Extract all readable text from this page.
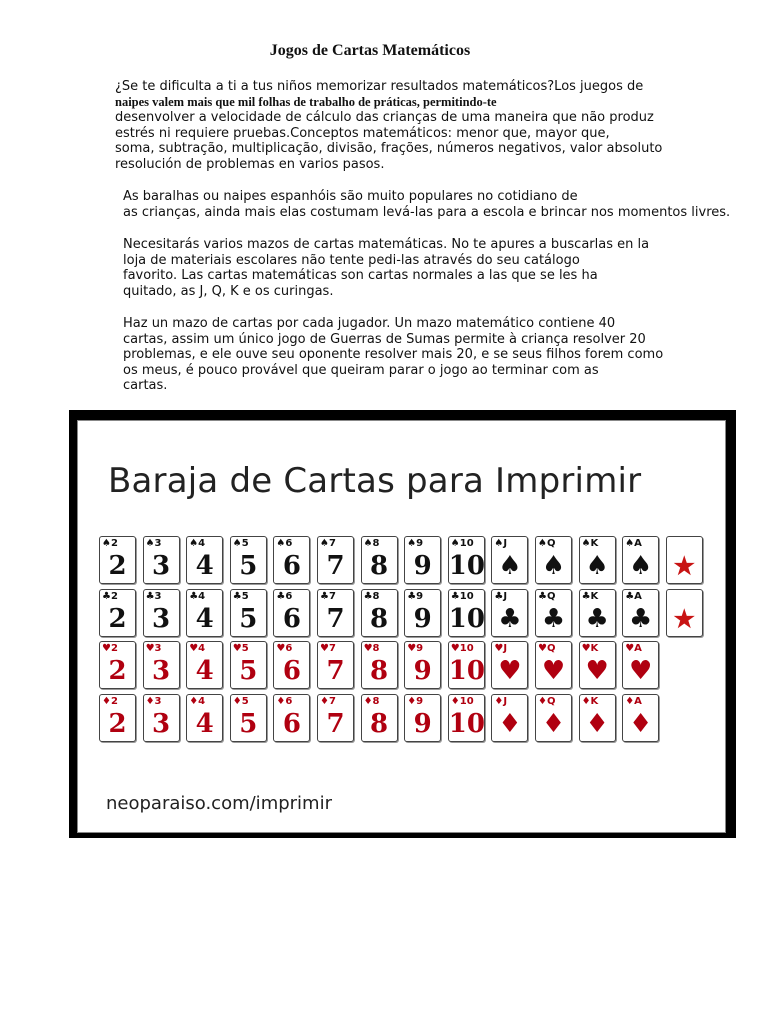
Jogos de Cartas Matemáticos
¿Se te dificulta a ti a tus niños memorizar resultados matemáticos?Los juegos de
naipes valem mais que mil folhas de trabalho de práticas, permitindo-te
desenvolver a velocidade de cálculo das crianças de uma maneira que não produz
estrés ni requiere pruebas.Conceptos matemáticos: menor que, mayor que,
soma, subtração, multiplicação, divisão, frações, números negativos, valor absoluto
resolución de problemas en varios pasos.
As baralhas ou naipes espanhóis são muito populares no cotidiano de
as crianças, ainda mais elas costumam levá-las para a escola e brincar nos momentos livres.
Necesitarás varios mazos de cartas matemáticas. No te apures a buscarlas en la
loja de materiais escolares não tente pedi-las através do seu catálogo
favorito. Las cartas matemáticas son cartas normales a las que se les ha
quitado, as J, Q, K e os curingas.
Haz un mazo de cartas por cada jugador. Un mazo matemático contiene 40
cartas, assim um único jogo de Guerras de Sumas permite à criança resolver 20
problemas, e ele ouve seu oponente resolver mais 20, e se seus filhos forem como
os meus, é pouco provável que queiram parar o jogo ao terminar com as
cartas.
Baraja de Cartas para Imprimir
neoparaiso.com/imprimir
♠2
2
♠3
3
♠4
4
♠5
5
♠6
6
♠7
7
♠8
8
♠9
9
♠10
10
♠J
♠
♠Q
♠
♠K
♠
♠A
♠
♣2
2
♣3
3
♣4
4
♣5
5
♣6
6
♣7
7
♣8
8
♣9
9
♣10
10
♣J
♣
♣Q
♣
♣K
♣
♣A
♣
♥2
2
♥3
3
♥4
4
♥5
5
♥6
6
♥7
7
♥8
8
♥9
9
♥10
10
♥J
♥
♥Q
♥
♥K
♥
♥A
♥
♦2
2
♦3
3
♦4
4
♦5
5
♦6
6
♦7
7
♦8
8
♦9
9
♦10
10
♦J
♦
♦Q
♦
♦K
♦
♦A
♦
★
★
